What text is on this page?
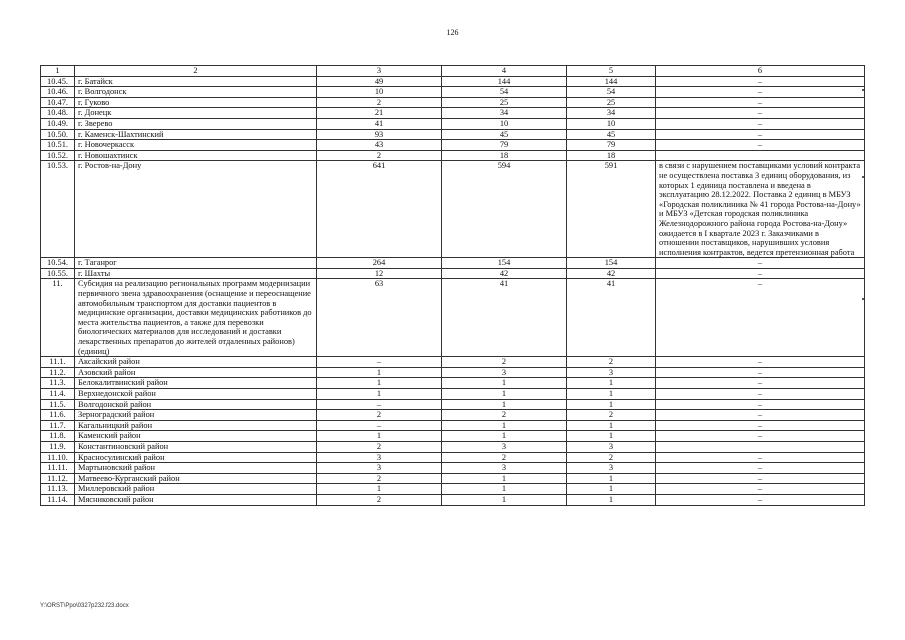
126
1	2	3	4	5	6
10.45.	г. Батайск	49	144	144	–
10.46.	г. Волгодонск	10	54	54	–
10.47.	г. Гуково	2	25	25	–
10.48.	г. Донецк	21	34	34	–
10.49.	г. Зверево	41	10	10	–
10.50.	г. Каменск-Шахтинский	93	45	45	–
10.51.	г. Новочеркасск	43	79	79	–
10.52.	г. Новошахтинск	2	18	18	
10.53.	г. Ростов-на-Дону	641	594	591	в связи с нарушением поставщиками условий контракта не осуществлена поставка 3 единиц оборудования, из которых 1 единица поставлена и введена в эксплуатацию 28.12.2022. Поставка 2 единиц в МБУЗ «Городская поликлиника № 41 города Ростова-на-Дону» и МБУЗ «Детская городская поликлиника Железнодорожного района города Ростова-на-Дону» ожидается в I квартале 2023 г. Заказчиками в отношении поставщиков, нарушивших условия исполнения контрактов, ведется претензионная работа
10.54.	г. Таганрог	264	154	154	–
10.55.	г. Шахты	12	42	42	–
11.	Субсидия на реализацию региональных программ модернизации первичного звена здравоохранения (оснащение и переоснащение автомобильным транспортом для доставки пациентов в медицинские организации, доставки медицинских работников до места жительства пациентов, а также для перевозки биологических материалов для исследований и доставки лекарственных препаратов до жителей отдаленных районов) (единиц)	63	41	41	–
11.1.	Аксайский район	–	2	2	–
11.2.	Азовский район	1	3	3	–
11.3.	Белокалитвинский район	1	1	1	–
11.4.	Верхнедонской район	1	1	1	–
11.5.	Волгодонской район	–	1	1	–
11.6.	Зерноградский район	2	2	2	–
11.7.	Кагальницкий район	–	1	1	–
11.8.	Каменский район	1	1	1	–
11.9.	Константиновский район	2	3	3	
11.10.	Красносулинский район	3	2	2	–
11.11.	Мартыновский район	3	3	3	–
11.12.	Матвеево-Курганский район	2	1	1	–
11.13.	Миллеровский район	1	1	1	–
11.14.	Мясниковский район	2	1	1	–
Y:\ORST\Ppo\0327p232.f23.docx
